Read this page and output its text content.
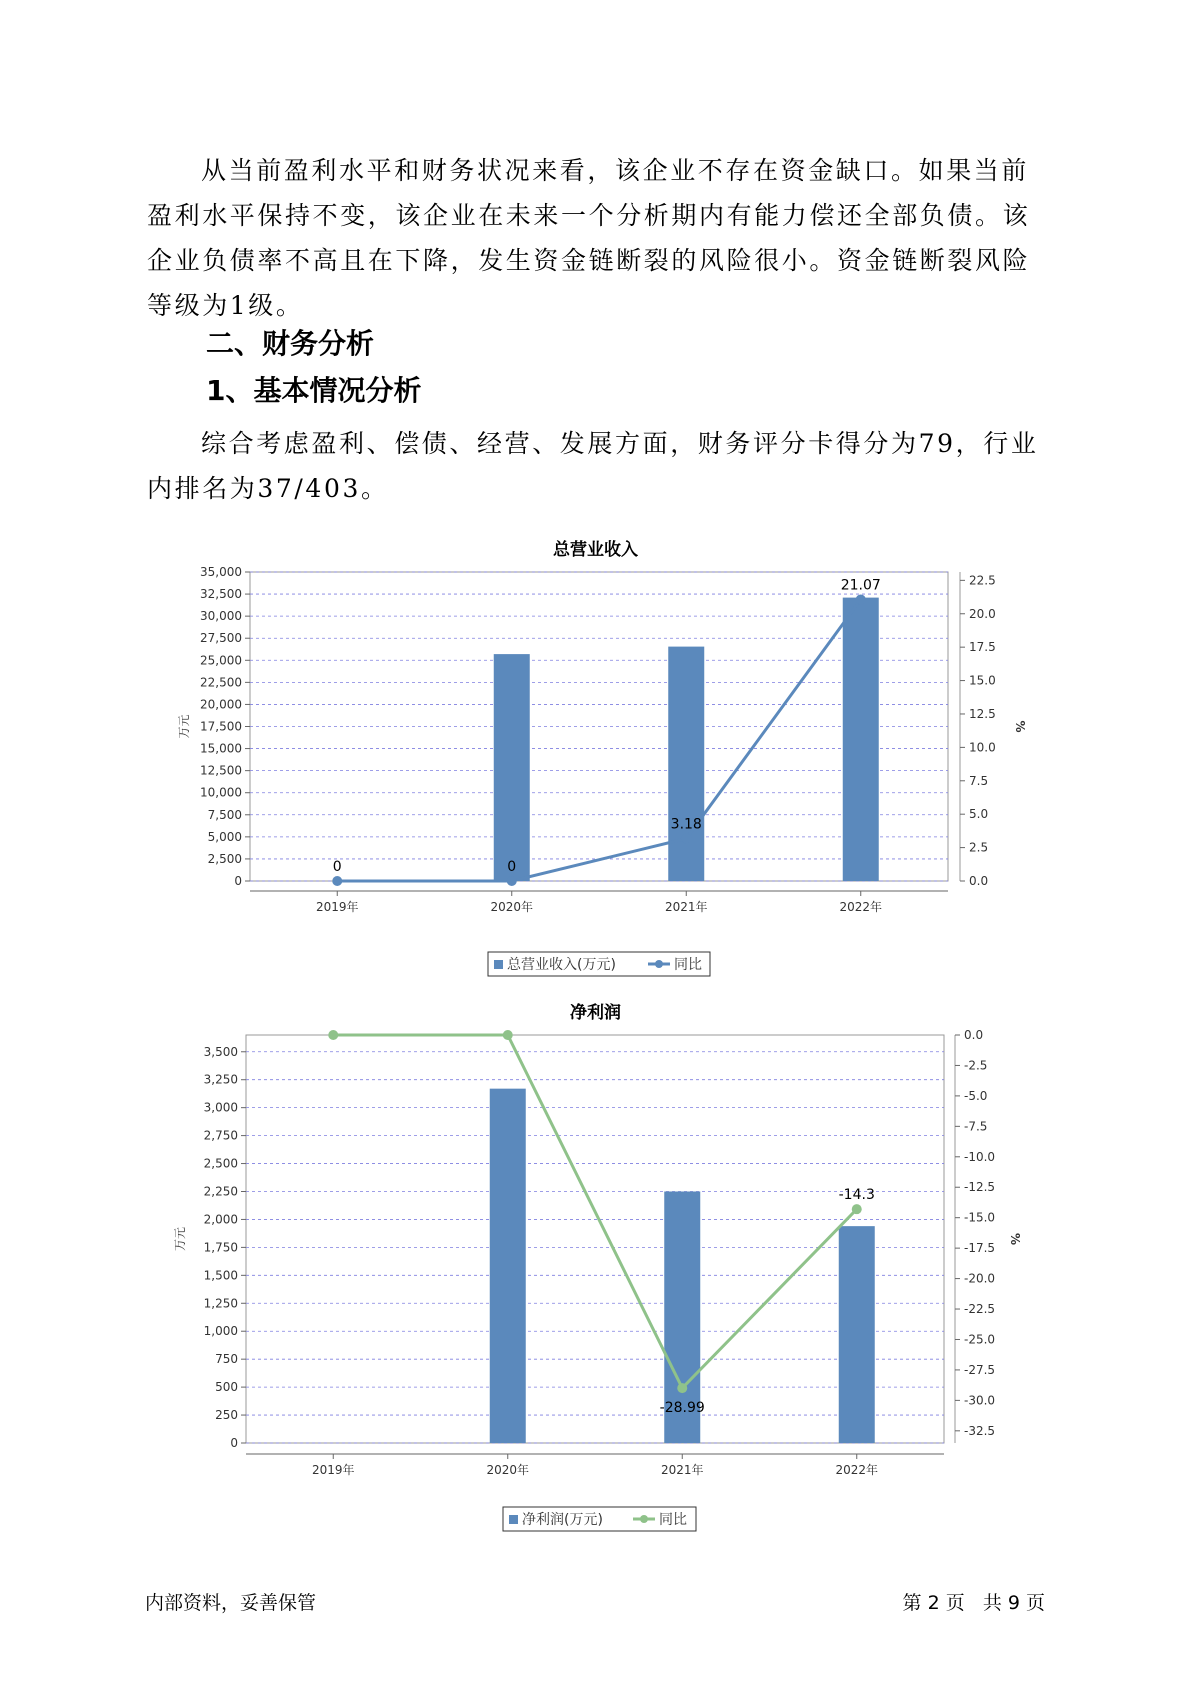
从当前盈利水平和财务状况来看，该企业不存在资金缺口。如果当前盈利水平保持不变，该企业在未来一个分析期内有能力偿还全部负债。该企业负债率不高且在下降，发生资金链断裂的风险很小。资金链断裂风险等级为1级。

二、财务分析
1、基本情况分析

综合考虑盈利、偿债、经营、发展方面，财务评分卡得分为79，行业内排名为37/403。

总营业收入
0
2,500
5,000
7,500
10,000
12,500
15,000
17,500
20,000
22,500
25,000
27,500
30,000
32,500
35,000
0.0
2.5
5.0
7.5
10.0
12.5
15.0
17.5
20.0
22.5
万元	%
2019年	2020年	2021年	2022年
0	0
3.18
21.07
总营业收入(万元)	同比
净利润
0
250
500
750
1,000
1,250
1,500
1,750
2,000
2,250
2,500
2,750
3,000
3,250
3,500
0.0
-2.5
-5.0
-7.5
-10.0
-12.5
-15.0
-17.5
-20.0
-22.5
-25.0
-27.5
-30.0
-32.5
万元	%
2019年	2020年	2021年	2022年
-28.99
-14.3
净利润(万元)	同比
内部资料，妥善保管	第 2 页   共 9 页
